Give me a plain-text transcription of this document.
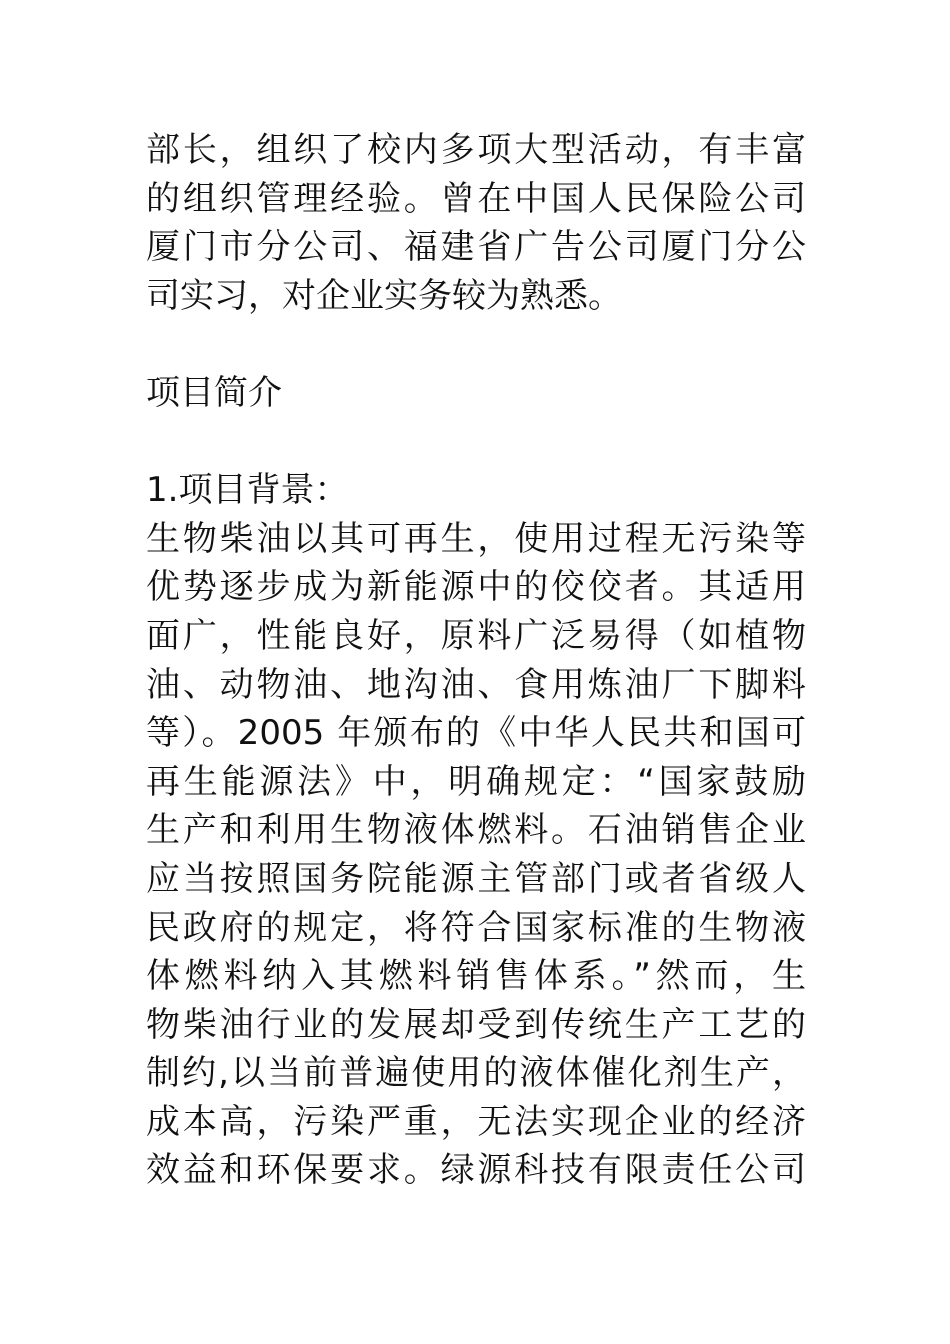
部长，组织了校内多项大型活动，有丰富
的组织管理经验。曾在中国人民保险公司
厦门市分公司、福建省广告公司厦门分公
司实习，对企业实务较为熟悉。
项目简介
1.项目背景：
生物柴油以其可再生，使用过程无污染等
优势逐步成为新能源中的佼佼者。其适用
面广，性能良好，原料广泛易得（如植物
油、动物油、地沟油、食用炼油厂下脚料
等）。2005 年颁布的《中华人民共和国可
再生能源法》中，明确规定：“国家鼓励
生产和利用生物液体燃料。石油销售企业
应当按照国务院能源主管部门或者省级人
民政府的规定，将符合国家标准的生物液
体燃料纳入其燃料销售体系。”然而，生
物柴油行业的发展却受到传统生产工艺的
制约,以当前普遍使用的液体催化剂生产，
成本高，污染严重，无法实现企业的经济
效益和环保要求。绿源科技有限责任公司
